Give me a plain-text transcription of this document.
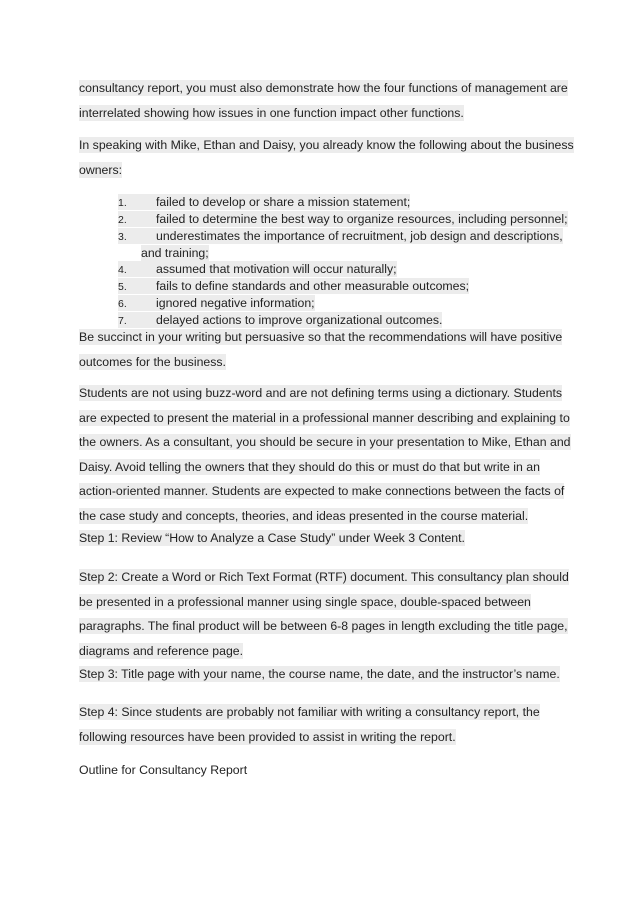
consultancy report, you must also demonstrate how the four functions of management are
interrelated showing how issues in one function impact other functions.

In speaking with Mike, Ethan and Daisy, you already know the following about the business
owners:

1. failed to develop or share a mission statement;
2. failed to determine the best way to organize resources, including personnel;
3. underestimates the importance of recruitment, job design and descriptions,
and training;
4. assumed that motivation will occur naturally;
5. fails to define standards and other measurable outcomes;
6. ignored negative information;
7. delayed actions to improve organizational outcomes.

Be succinct in your writing but persuasive so that the recommendations will have positive
outcomes for the business.

Students are not using buzz-word and are not defining terms using a dictionary. Students
are expected to present the material in a professional manner describing and explaining to
the owners. As a consultant, you should be secure in your presentation to Mike, Ethan and
Daisy. Avoid telling the owners that they should do this or must do that but write in an
action-oriented manner. Students are expected to make connections between the facts of
the case study and concepts, theories, and ideas presented in the course material.

Step 1: Review “How to Analyze a Case Study” under Week 3 Content.

Step 2: Create a Word or Rich Text Format (RTF) document. This consultancy plan should
be presented in a professional manner using single space, double-spaced between
paragraphs. The final product will be between 6-8 pages in length excluding the title page,
diagrams and reference page.

Step 3: Title page with your name, the course name, the date, and the instructor’s name.

Step 4: Since students are probably not familiar with writing a consultancy report, the
following resources have been provided to assist in writing the report.

Outline for Consultancy Report
